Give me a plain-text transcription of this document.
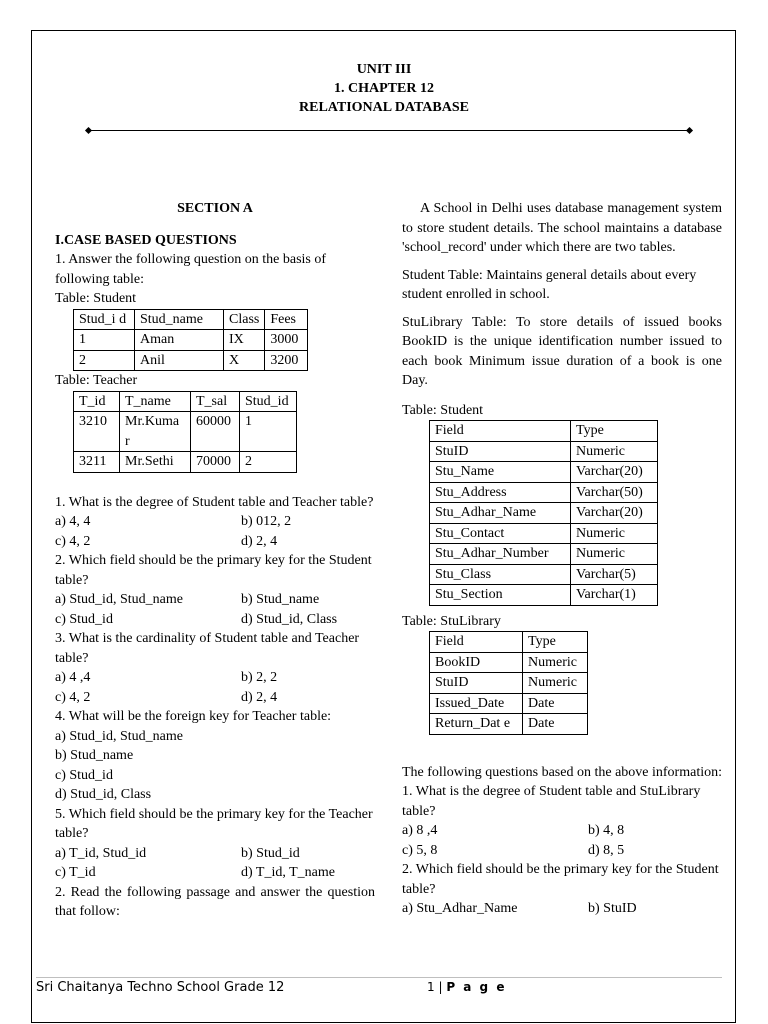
UNIT III
1. CHAPTER 12
RELATIONAL DATABASE

SECTION A

I.CASE BASED QUESTIONS

1. Answer the following question on the basis of following table:

Table: Student

Stud_i d	Stud_name	Class	Fees
1	Aman	IX	3000
2	Anil	X	3200

Table: Teacher

T_id	T_name	T_sal	Stud_id
3210	Mr.Kuma r	60000	1
3211	Mr.Sethi	70000	2

1. What is the degree of Student table and Teacher table?

a) 4, 4	b) 012, 2
c) 4, 2	d) 2, 4

2. Which field should be the primary key for the Student table?

a) Stud_id, Stud_name	b) Stud_name
c) Stud_id	d) Stud_id, Class

3. What is the cardinality of Student table and Teacher table?

a) 4 ,4	b) 2, 2
c) 4, 2	d) 2, 4

4. What will be the foreign key for Teacher table:

a) Stud_id, Stud_name

b) Stud_name

c) Stud_id

d) Stud_id, Class

5. Which field should be the primary key for the Teacher table?

a) T_id, Stud_id	b) Stud_id
c) T_id	d) T_id, T_name

2. Read the following passage and answer the question that follow:

A School in Delhi uses database management system to store student details. The school maintains a database 'school_record' under which there are two tables.

Student Table: Maintains general details about every student enrolled in school.

StuLibrary Table: To store details of issued books BookID is the unique identification number issued to each book Minimum issue duration of a book is one Day.

Table: Student

Field	Type
StuID	Numeric
Stu_Name	Varchar(20)
Stu_Address	Varchar(50)
Stu_Adhar_Name	Varchar(20)
Stu_Contact	Numeric
Stu_Adhar_Number	Numeric
Stu_Class	Varchar(5)
Stu_Section	Varchar(1)

Table: StuLibrary

Field	Type
BookID	Numeric
StuID	Numeric
Issued_Date	Date
Return_Dat e	Date

The following questions based on the above information:

1. What is the degree of Student table and StuLibrary table?

a) 8 ,4	b) 4, 8
c) 5, 8	d) 8, 5

2. Which field should be the primary key for the Student table?

a) Stu_Adhar_Name	b) StuID
Sri Chaitanya Techno School Grade 12	1 | P a g e
